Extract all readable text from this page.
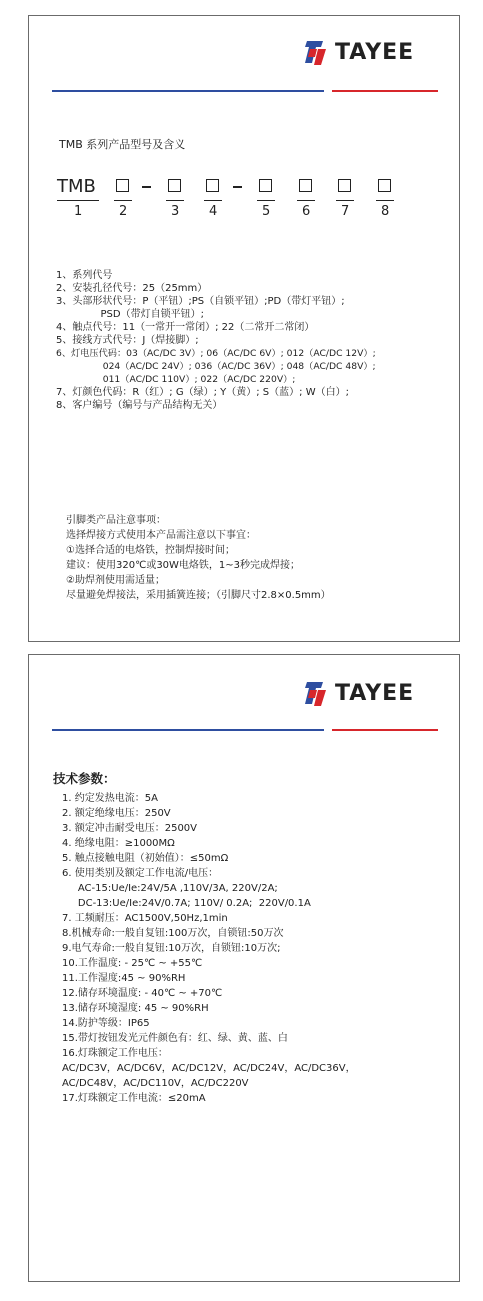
TAYEE
TMB 系列产品型号及含义
TMB
1	2	3 4	5 6 7 8
1、系列代号
2、安装孔径代号：25（25mm）
3、头部形状代号：P（平钮）;PS（自锁平钮）;PD（带灯平钮）;
PSD（带灯自锁平钮）;
4、触点代号：11（一常开一常闭）; 22（二常开二常闭）
5、接线方式代号：J（焊接脚）;
6、灯电压代码：03（AC/DC 3V）; 06（AC/DC 6V）; 012（AC/DC 12V）;
024（AC/DC 24V）; 036（AC/DC 36V）; 048（AC/DC 48V）;
011（AC/DC 110V）; 022（AC/DC 220V）;
7、灯颜色代码：R（红）; G（绿）; Y（黄）; S（蓝）; W（白）;
8、客户编号（编号与产品结构无关）
引脚类产品注意事项：
选择焊接方式使用本产品需注意以下事宜：
①选择合适的电烙铁，控制焊接时间；
建议：使用320℃或30W电烙铁，1~3秒完成焊接；
②助焊剂使用需适量；
尽量避免焊接法，采用插簧连接；（引脚尺寸2.8×0.5mm）
TAYEE
技术参数：
1. 约定发热电流：5A
2. 额定绝缘电压：250V
3. 额定冲击耐受电压：2500V
4. 绝缘电阻：≥1000MΩ
5. 触点接触电阻（初始值）：≤50mΩ
6. 使用类别及额定工作电流/电压：
AC-15:Ue/Ie:24V/5A ,110V/3A, 220V/2A;
DC-13:Ue/Ie:24V/0.7A; 110V/ 0.2A;  220V/0.1A
7. 工频耐压：AC1500V,50Hz,1min
8.机械寿命:一般自复钮:100万次，自锁钮:50万次
9.电气寿命:一般自复钮:10万次，自锁钮:10万次;
10.工作温度: - 25℃ ~ +55℃
11.工作湿度:45 ~ 90%RH
12.储存环境温度: - 40℃ ~ +70℃
13.储存环境湿度: 45 ~ 90%RH
14.防护等级：IP65
15.带灯按钮发光元件颜色有：红、绿、黄、蓝、白
16.灯珠额定工作电压：
AC/DC3V，AC/DC6V，AC/DC12V，AC/DC24V，AC/DC36V，
AC/DC48V，AC/DC110V，AC/DC220V
17.灯珠额定工作电流：≤20mA
